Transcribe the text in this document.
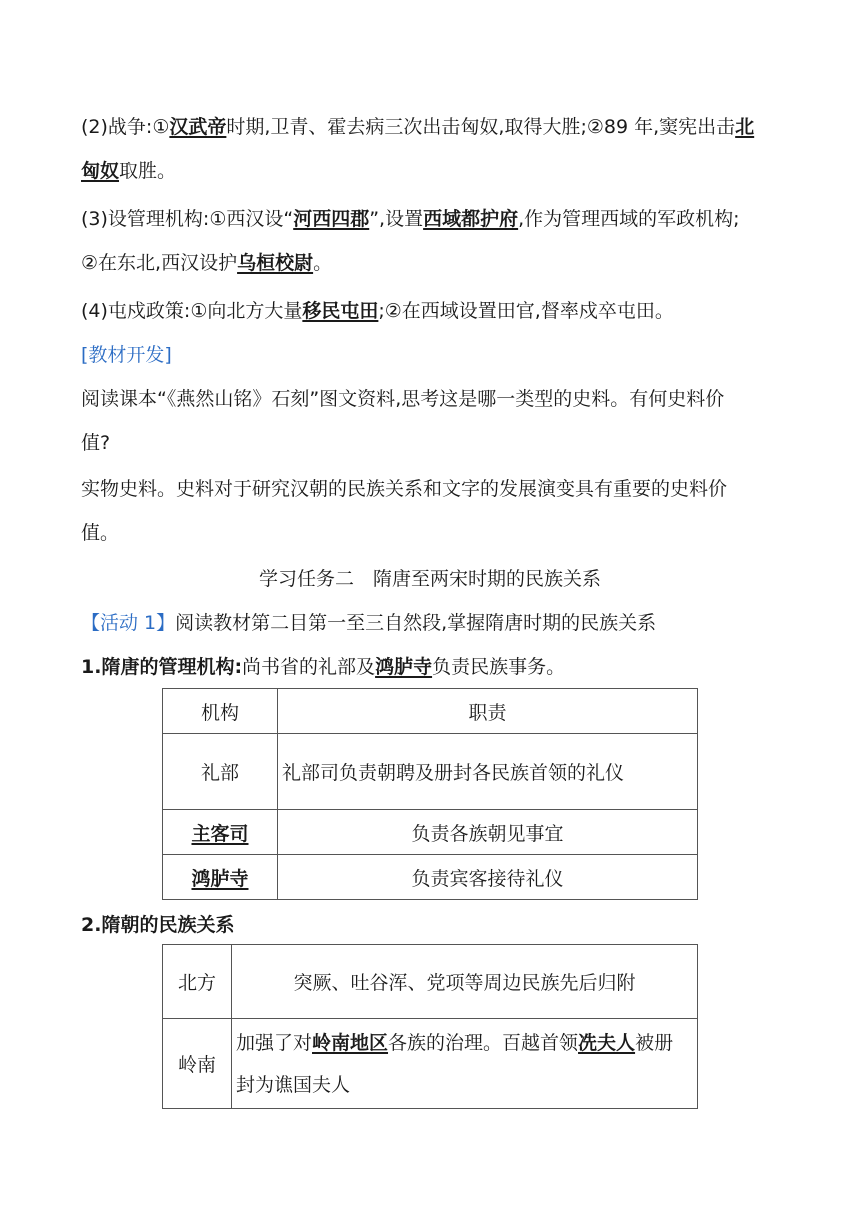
(2)战争:①汉武帝时期,卫青、霍去病三次出击匈奴,取得大胜;②89 年,窦宪出击北
匈奴取胜。
(3)设管理机构:①西汉设“河西四郡”,设置西域都护府,作为管理西域的军政机构;
②在东北,西汉设护乌桓校尉。
(4)屯戍政策:①向北方大量移民屯田;②在西域设置田官,督率戍卒屯田。
[教材开发]
阅读课本“《燕然山铭》石刻”图文资料,思考这是哪一类型的史料。有何史料价
值?
实物史料。史料对于研究汉朝的民族关系和文字的发展演变具有重要的史料价
值。
学习任务二　隋唐至两宋时期的民族关系
【活动 1】阅读教材第二目第一至三自然段,掌握隋唐时期的民族关系
1.隋唐的管理机构:尚书省的礼部及鸿胪寺负责民族事务。
机构	职责
礼部	礼部司负责朝聘及册封各民族首领的礼仪
主客司	负责各族朝见事宜
鸿胪寺	负责宾客接待礼仪
2.隋朝的民族关系
北方	突厥、吐谷浑、党项等周边民族先后归附
岭南	加强了对岭南地区各族的治理。百越首领冼夫人被册
封为谯国夫人
